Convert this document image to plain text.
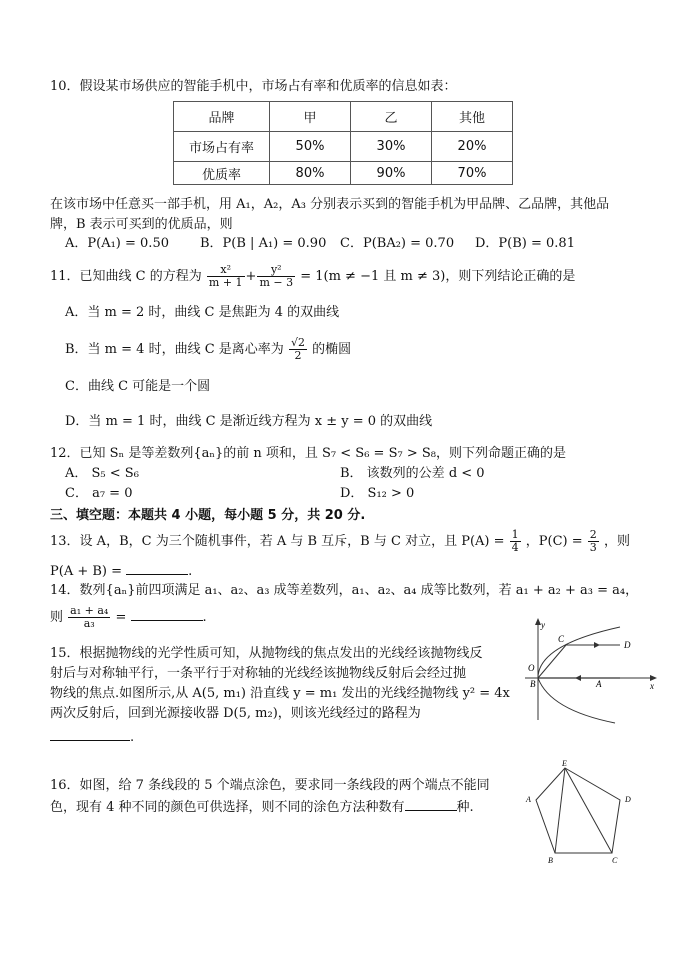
10．假设某市场供应的智能手机中，市场占有率和优质率的信息如表：
品牌	甲	乙	其他
市场占有率	50%	30%	20%
优质率	80%	90%	70%
在该市场中任意买一部手机，用 A₁，A₂，A₃ 分别表示买到的智能手机为甲品牌、乙品牌，其他品
牌，B 表示可买到的优质品，则
A．P(A₁) = 0.50 B．P(B | A₁) = 0.90 C．P(BA₂) = 0.70 D．P(B) = 0.81
11．已知曲线 C 的方程为 $\frac{\text{x²}}{m + 1} + \frac{\text{y²}}{m - 3} = 1(m \ne -1$ 且 m ≠ 3)，则下列结论正确的是
A．当 m = 2 时，曲线 C 是焦距为 4 的双曲线
B．当 m = 4 时，曲线 C 是离心率为 $\frac{√2}{2}$ 的椭圆
C．曲线 C 可能是一个圆
D．当 m = 1 时，曲线 C 是渐近线方程为 x ± y = 0 的双曲线
12．已知 Sₙ 是等差数列{aₙ}的前 n 项和，且 S₇ < S₆ = S₇ > S₈，则下列命题正确的是
A． S₅ < S₆	B． 该数列的公差 d < 0
C． a₇ = 0	D． S₁₂ > 0
三、填空题：本题共 4 小题，每小题 5 分，共 20 分.
13．设 A，B，C 为三个随机事件，若 A 与 B 互斥，B 与 C 对立，且 $P(A) = \frac{1}{4}$ ，$P(C) = \frac{2}{3}$ ，则
P(A + B) =	.
14．数列{aₙ}前四项满足 a₁、a₂、a₃ 成等差数列，a₁、a₂、a₄ 成等比数列，若 a₁ + a₂ + a₃ = a₄，
则 $\frac{\text{a₁ + a₄}}{\text{a₃}}$ =	.
15．根据抛物线的光学性质可知，从抛物线的焦点发出的光线经该抛物线反
射后与对称轴平行，一条平行于对称轴的光线经该抛物线反射后会经过抛
物线的焦点.如图所示,从 A(5, m₁) 沿直线 y = m₁ 发出的光线经抛物线 y² = 4x
两次反射后，回到光源接收器 D(5, m₂)，则该光线经过的路程为
.
y
C
D
O
B	A	x
16．如图，给 7 条线段的 5 个端点涂色，要求同一条线段的两个端点不能同
色，现有 4 种不同的颜色可供选择，则不同的涂色方法种数有	种.
E
A	D
B	C
